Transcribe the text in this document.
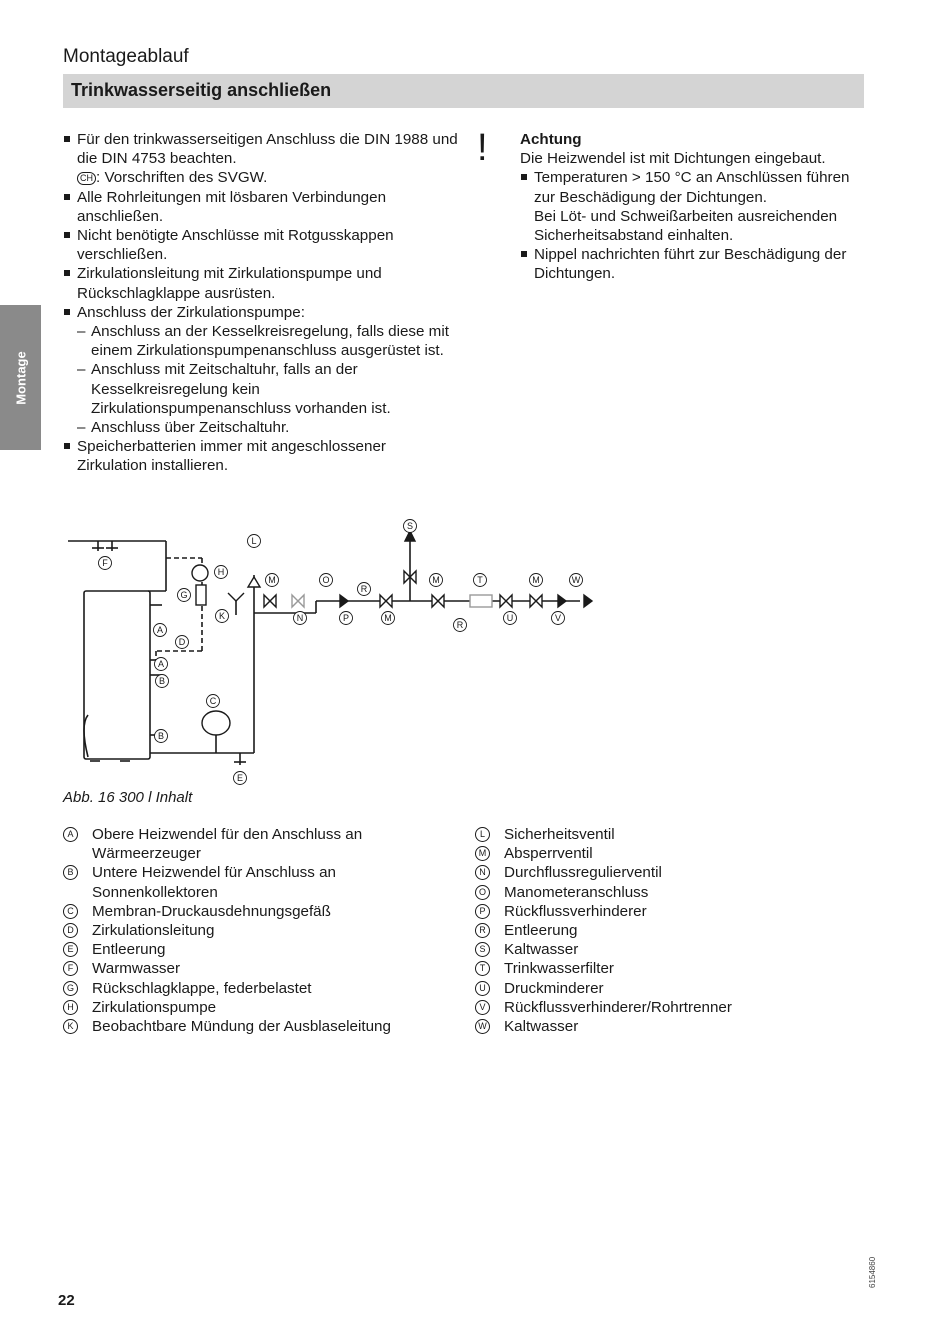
Montageablauf
Trinkwasserseitig anschließen
Montage
Für den trinkwasserseitigen Anschluss die DIN 1988 und die DIN 4753 beachten.
CH : Vorschriften des SVGW.
Alle Rohrleitungen mit lösbaren Verbindungen anschließen.
Nicht benötigte Anschlüsse mit Rotgusskappen verschließen.
Zirkulationsleitung mit Zirkulationspumpe und Rückschlagklappe ausrüsten.
Anschluss der Zirkulationspumpe:
– Anschluss an der Kesselkreisregelung, falls diese mit einem Zirkulationspumpenanschluss ausgerüstet ist.
– Anschluss mit Zeitschaltuhr, falls an der Kesselkreisregelung kein Zirkulationspumpenanschluss vorhanden ist.
– Anschluss über Zeitschaltuhr.
Speicherbatterien immer mit angeschlossener Zirkulation installieren.
! Achtung
Die Heizwendel ist mit Dichtungen eingebaut.
Temperaturen > 150 °C an Anschlüssen führen zur Beschädigung der Dichtungen.
Bei Löt- und Schweißarbeiten ausreichenden Sicherheitsabstand einhalten.
Nippel nachrichten führt zur Beschädigung der Dichtungen.
F
G
H
K
L
A
D
B
C
E
M
N
O
P
R
S
T
U	V
W
A
B
M
M
R
M
Abb. 16 300 l Inhalt
A Obere Heizwendel für den Anschluss an Wärmeerzeuger
B Untere Heizwendel für Anschluss an Sonnenkollektoren
C Membran-Druckausdehnungsgefäß
D Zirkulationsleitung
E Entleerung
F	Warmwasser
G Rückschlagklappe, federbelastet
H Zirkulationspumpe
K Beobachtbare Mündung der Ausblaseleitung
L	Sicherheitsventil
M Absperrventil
N Durchflussregulierventil
O Manometeranschluss
P Rückflussverhinderer
R Entleerung
S Kaltwasser
T	Trinkwasserfilter
U Druckminderer
V Rückflussverhinderer/Rohrtrenner
W Kaltwasser
22
6154860
